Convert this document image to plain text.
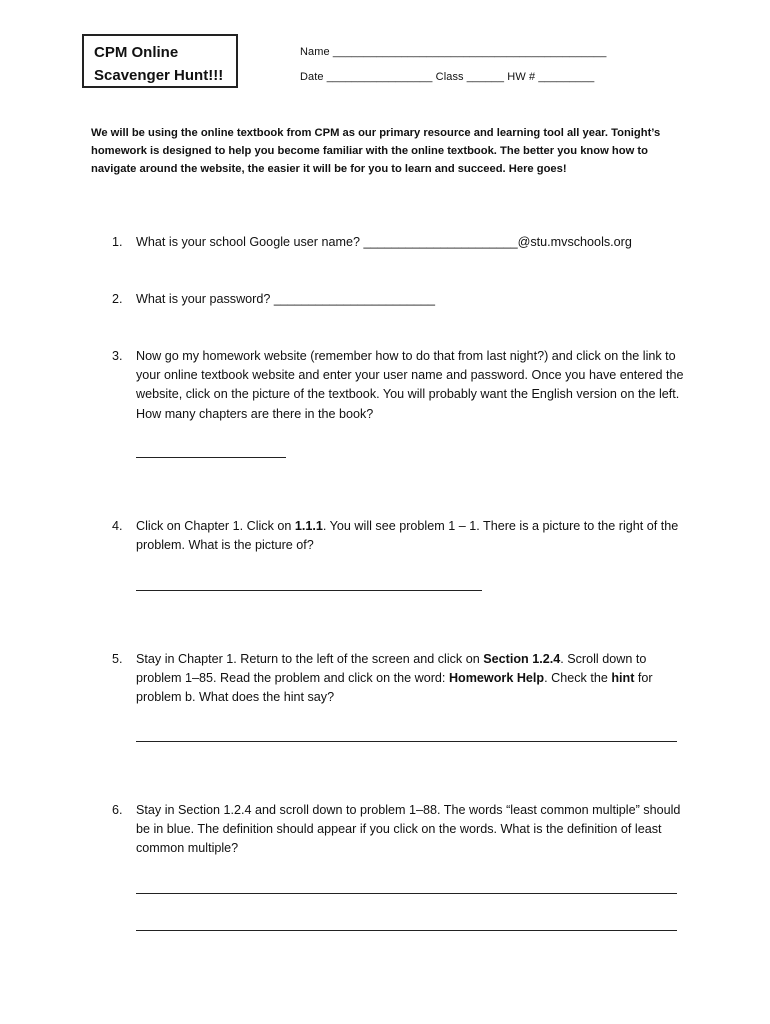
CPM Online
Scavenger Hunt!!!
Name ____________________________________________
Date _________________ Class ______ HW # _________
We will be using the online textbook from CPM as our primary resource and learning tool all year. Tonight’s homework is designed to help you become familiar with the online textbook. The better you know how to navigate around the website, the easier it will be for you to learn and succeed. Here goes!
1. What is your school Google user name? ______________________@stu.mvschools.org
2. What is your password? _______________________
3. Now go my homework website (remember how to do that from last night?) and click on the link to your online textbook website and enter your user name and password. Once you have entered the website, click on the picture of the textbook. You will probably want the English version on the left. How many chapters are there in the book?
4. Click on Chapter 1. Click on 1.1.1. You will see problem 1 – 1. There is a picture to the right of the problem. What is the picture of?
5. Stay in Chapter 1. Return to the left of the screen and click on Section 1.2.4. Scroll down to problem 1–85. Read the problem and click on the word: Homework Help. Check the hint for problem b. What does the hint say?
6. Stay in Section 1.2.4 and scroll down to problem 1–88. The words “least common multiple” should be in blue. The definition should appear if you click on the words. What is the definition of least common multiple?
